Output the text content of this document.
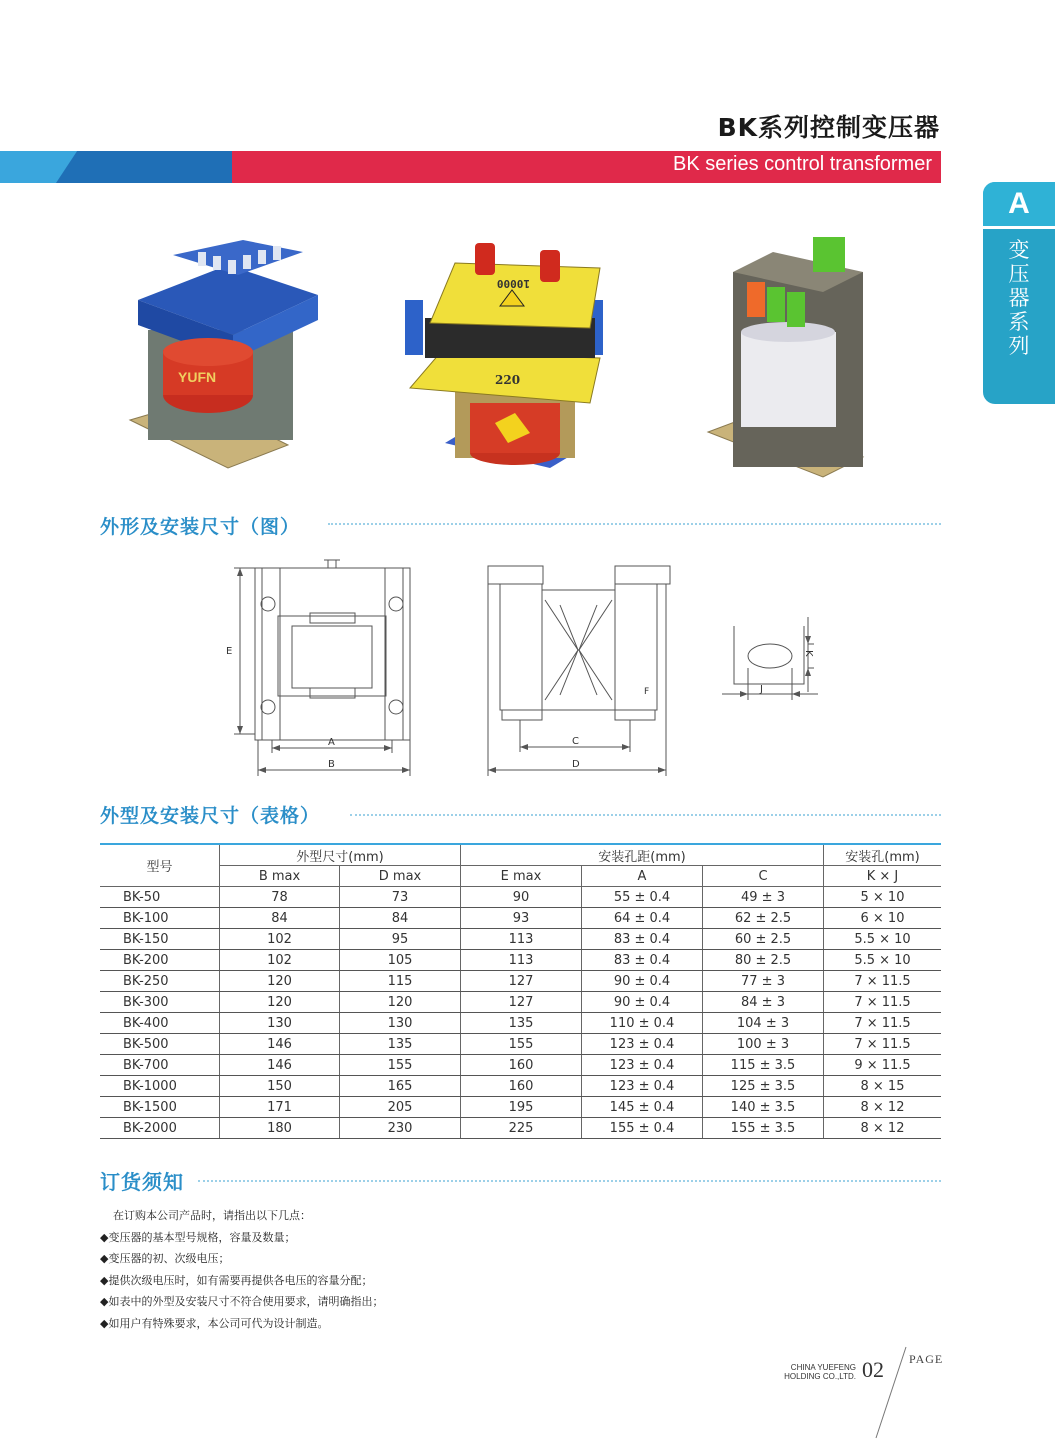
BK系列控制变压器
BK series control transformer
A
变压器系列
YUFN
10000
220
外形及安装尺寸（图）
E
A
B
C
D
F
K
J
外型及安装尺寸（表格）
型号	外型尺寸(mm)		安装孔距(mm)			安装孔(mm)
	B max	D max	E max	A	C	K × J
BK-50	78	73	90	55 ± 0.4	49 ± 3	5 × 10
BK-100	84	84	93	64 ± 0.4	62 ± 2.5	6 × 10
BK-150	102	95	113	83 ± 0.4	60 ± 2.5	5.5 × 10
BK-200	102	105	113	83 ± 0.4	80 ± 2.5	5.5 × 10
BK-250	120	115	127	90 ± 0.4	77 ± 3	7 × 11.5
BK-300	120	120	127	90 ± 0.4	84 ± 3	7 × 11.5
BK-400	130	130	135	110 ± 0.4	104 ± 3	7 × 11.5
BK-500	146	135	155	123 ± 0.4	100 ± 3	7 × 11.5
BK-700	146	155	160	123 ± 0.4	115 ± 3.5	9 × 11.5
BK-1000	150	165	160	123 ± 0.4	125 ± 3.5	8 × 15
BK-1500	171	205	195	145 ± 0.4	140 ± 3.5	8 × 12
BK-2000	180	230	225	155 ± 0.4	155 ± 3.5	8 × 12
订货须知
在订购本公司产品时，请指出以下几点：
◆变压器的基本型号规格，容量及数量；
◆变压器的初、次级电压；
◆提供次级电压时，如有需要再提供各电压的容量分配；
◆如表中的外型及安装尺寸不符合使用要求，请明确指出；
◆如用户有特殊要求，本公司可代为设计制造。
CHINA YUEFENG
HOLDING CO.,LTD. 02 PAGE
